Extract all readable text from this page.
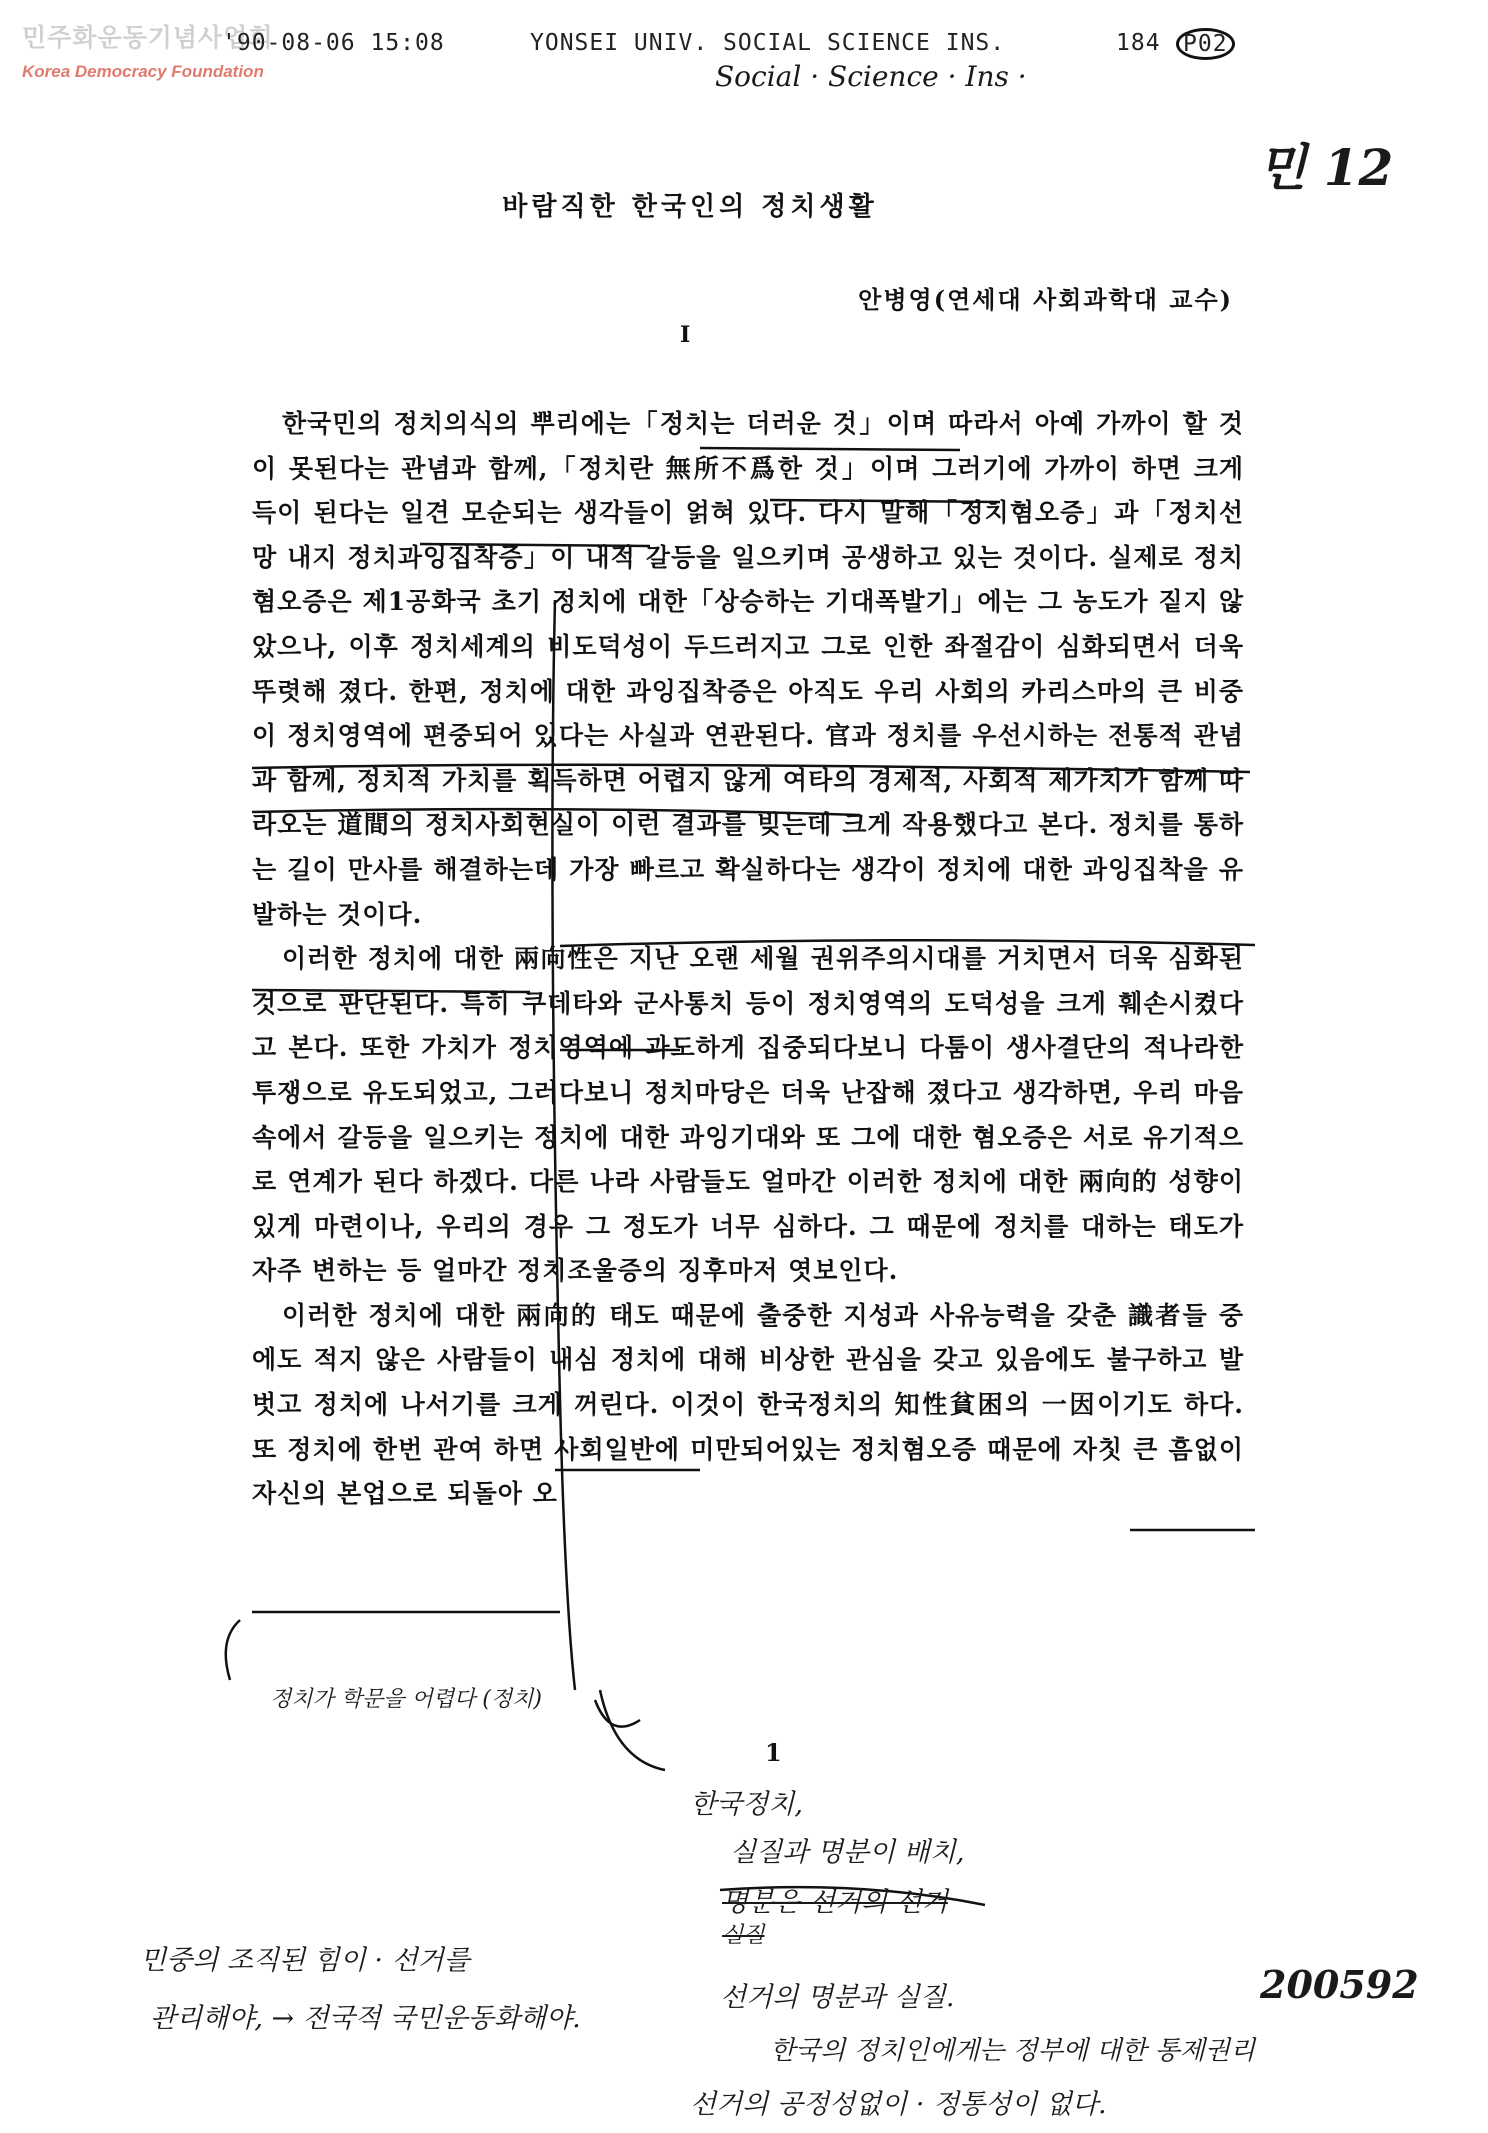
민주화운동기념사업회
Korea Democracy Foundation
'90-08-06 15:08	YONSEI UNIV. SOCIAL SCIENCE INS.	184 P02
Social · Science · Ins ·
민 12
바람직한 한국인의 정치생활
안병영(연세대 사회과학대 교수)
I

한국민의 정치의식의 뿌리에는「정치는 더러운 것」이며 따라서 아예 가까이 할 것이 못된다는 관념과 함께,「정치란 無所不爲한 것」이며 그러기에 가까이 하면 크게 득이 된다는 일견 모순되는 생각들이 얽혀 있다. 다시 말해「정치혐오증」과「정치선망 내지 정치과잉집착증」이 내적 갈등을 일으키며 공생하고 있는 것이다. 실제로 정치혐오증은 제1공화국 초기 정치에 대한「상승하는 기대폭발기」에는 그 농도가 짙지 않았으나, 이후 정치세계의 비도덕성이 두드러지고 그로 인한 좌절감이 심화되면서 더욱 뚜렷해 졌다. 한편, 정치에 대한 과잉집착증은 아직도 우리 사회의 카리스마의 큰 비중이 정치영역에 편중되어 있다는 사실과 연관된다. 官과 정치를 우선시하는 전통적 관념과 함께, 정치적 가치를 획득하면 어렵지 않게 여타의 경제적, 사회적 제가치가 함께 따라오는 道間의 정치사회현실이 이런 결과를 빚는데 크게 작용했다고 본다. 정치를 통하는 길이 만사를 해결하는데 가장 빠르고 확실하다는 생각이 정치에 대한 과잉집착을 유발하는 것이다.

이러한 정치에 대한 兩向性은 지난 오랜 세월 권위주의시대를 거치면서 더욱 심화된 것으로 판단된다. 특히 쿠데타와 군사통치 등이 정치영역의 도덕성을 크게 훼손시켰다고 본다. 또한 가치가 정치영역에 과도하게 집중되다보니 다툼이 생사결단의 적나라한 투쟁으로 유도되었고, 그러다보니 정치마당은 더욱 난잡해 졌다고 생각하면, 우리 마음속에서 갈등을 일으키는 정치에 대한 과잉기대와 또 그에 대한 혐오증은 서로 유기적으로 연계가 된다 하겠다. 다른 나라 사람들도 얼마간 이러한 정치에 대한 兩向的 성향이 있게 마련이나, 우리의 경우 그 정도가 너무 심하다. 그 때문에 정치를 대하는 태도가 자주 변하는 등 얼마간 정치조울증의 징후마저 엿보인다.

이러한 정치에 대한 兩向的 태도 때문에 출중한 지성과 사유능력을 갖춘 識者들 중에도 적지 않은 사람들이 내심 정치에 대해 비상한 관심을 갖고 있음에도 불구하고 발벗고 정치에 나서기를 크게 꺼린다. 이것이 한국정치의 知性貧困의 一因이기도 하다. 또 정치에 한번 관여 하면 사회일반에 미만되어있는 정치혐오증 때문에 자칫 큰 흠없이 자신의 본업으로 되돌아 오

1
정치가 학문을 어렵다 (정치)
한국정치,
실질과 명분이 배치,
명분은 선거의 선거
실질
선거의 명분과 실질.
한국의 정치인에게는 정부에 대한 통제권리
선거의 공정성없이 · 정통성이 없다.
민중의 조직된 힘이 · 선거를
관리해야, → 전국적 국민운동화해야.
200592
